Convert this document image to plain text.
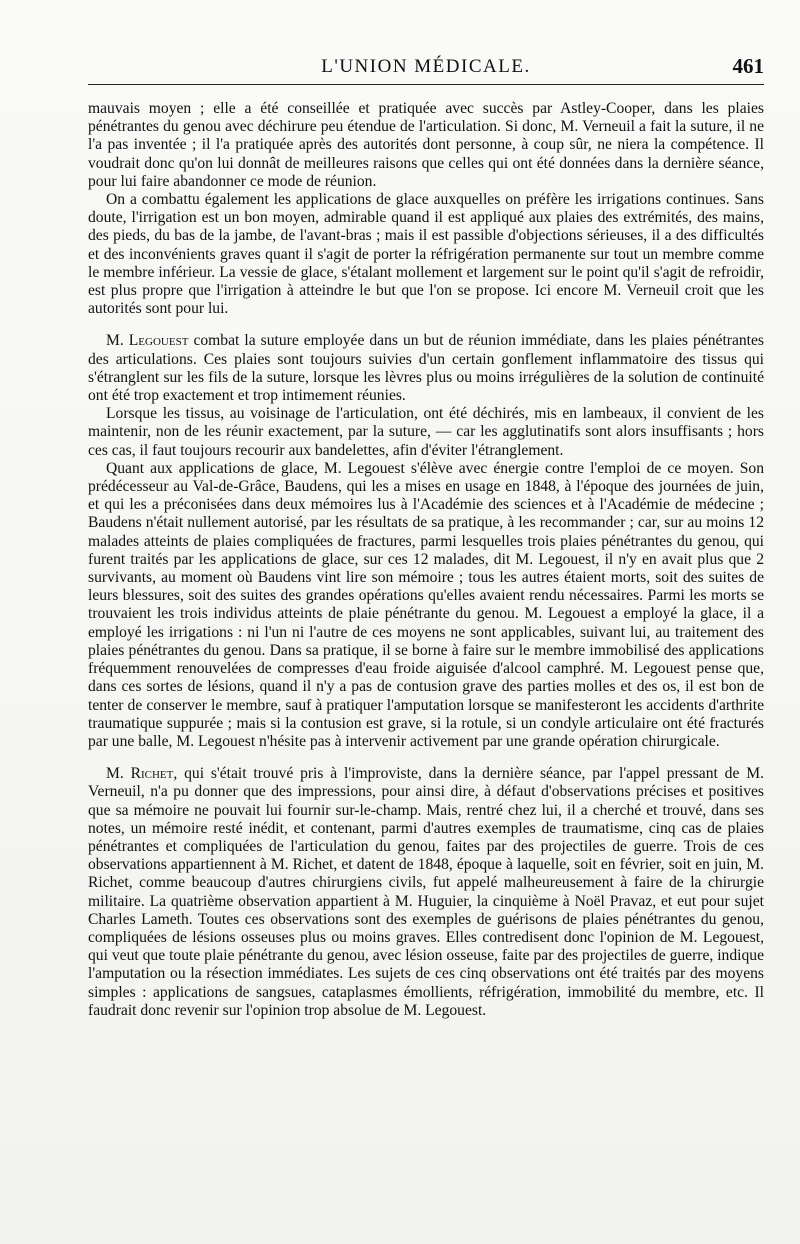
L'UNION MÉDICALE.	461

mauvais moyen ; elle a été conseillée et pratiquée avec succès par Astley-Cooper, dans les plaies pénétrantes du genou avec déchirure peu étendue de l'articulation. Si donc, M. Verneuil a fait la suture, il ne l'a pas inventée ; il l'a pratiquée après des autorités dont personne, à coup sûr, ne niera la compétence. Il voudrait donc qu'on lui donnât de meilleures raisons que celles qui ont été données dans la dernière séance, pour lui faire abandonner ce mode de réunion.

On a combattu également les applications de glace auxquelles on préfère les irrigations continues. Sans doute, l'irrigation est un bon moyen, admirable quand il est appliqué aux plaies des extrémités, des mains, des pieds, du bas de la jambe, de l'avant-bras ; mais il est passible d'objections sérieuses, il a des difficultés et des inconvénients graves quant il s'agit de porter la réfrigération permanente sur tout un membre comme le membre inférieur. La vessie de glace, s'étalant mollement et largement sur le point qu'il s'agit de refroidir, est plus propre que l'irrigation à atteindre le but que l'on se propose. Ici encore M. Verneuil croit que les autorités sont pour lui.

M. Legouest combat la suture employée dans un but de réunion immédiate, dans les plaies pénétrantes des articulations. Ces plaies sont toujours suivies d'un certain gonflement inflammatoire des tissus qui s'étranglent sur les fils de la suture, lorsque les lèvres plus ou moins irrégulières de la solution de continuité ont été trop exactement et trop intimement réunies.

Lorsque les tissus, au voisinage de l'articulation, ont été déchirés, mis en lambeaux, il convient de les maintenir, non de les réunir exactement, par la suture, — car les agglutinatifs sont alors insuffisants ; hors ces cas, il faut toujours recourir aux bandelettes, afin d'éviter l'étranglement.

Quant aux applications de glace, M. Legouest s'élève avec énergie contre l'emploi de ce moyen. Son prédécesseur au Val-de-Grâce, Baudens, qui les a mises en usage en 1848, à l'époque des journées de juin, et qui les a préconisées dans deux mémoires lus à l'Académie des sciences et à l'Académie de médecine ; Baudens n'était nullement autorisé, par les résultats de sa pratique, à les recommander ; car, sur au moins 12 malades atteints de plaies compliquées de fractures, parmi lesquelles trois plaies pénétrantes du genou, qui furent traités par les applications de glace, sur ces 12 malades, dit M. Legouest, il n'y en avait plus que 2 survivants, au moment où Baudens vint lire son mémoire ; tous les autres étaient morts, soit des suites de leurs blessures, soit des suites des grandes opérations qu'elles avaient rendu nécessaires. Parmi les morts se trouvaient les trois individus atteints de plaie pénétrante du genou. M. Legouest a employé la glace, il a employé les irrigations : ni l'un ni l'autre de ces moyens ne sont applicables, suivant lui, au traitement des plaies pénétrantes du genou. Dans sa pratique, il se borne à faire sur le membre immobilisé des applications fréquemment renouvelées de compresses d'eau froide aiguisée d'alcool camphré. M. Legouest pense que, dans ces sortes de lésions, quand il n'y a pas de contusion grave des parties molles et des os, il est bon de tenter de conserver le membre, sauf à pratiquer l'amputation lorsque se manifesteront les accidents d'arthrite traumatique suppurée ; mais si la contusion est grave, si la rotule, si un condyle articulaire ont été fracturés par une balle, M. Legouest n'hésite pas à intervenir activement par une grande opération chirurgicale.

M. Richet, qui s'était trouvé pris à l'improviste, dans la dernière séance, par l'appel pressant de M. Verneuil, n'a pu donner que des impressions, pour ainsi dire, à défaut d'observations précises et positives que sa mémoire ne pouvait lui fournir sur-le-champ. Mais, rentré chez lui, il a cherché et trouvé, dans ses notes, un mémoire resté inédit, et contenant, parmi d'autres exemples de traumatisme, cinq cas de plaies pénétrantes et compliquées de l'articulation du genou, faites par des projectiles de guerre. Trois de ces observations appartiennent à M. Richet, et datent de 1848, époque à laquelle, soit en février, soit en juin, M. Richet, comme beaucoup d'autres chirurgiens civils, fut appelé malheureusement à faire de la chirurgie militaire. La quatrième observation appartient à M. Huguier, la cinquième à Noël Pravaz, et eut pour sujet Charles Lameth. Toutes ces observations sont des exemples de guérisons de plaies pénétrantes du genou, compliquées de lésions osseuses plus ou moins graves. Elles contredisent donc l'opinion de M. Legouest, qui veut que toute plaie pénétrante du genou, avec lésion osseuse, faite par des projectiles de guerre, indique l'amputation ou la résection immédiates. Les sujets de ces cinq observations ont été traités par des moyens simples : applications de sangsues, cataplasmes émollients, réfrigération, immobilité du membre, etc. Il faudrait donc revenir sur l'opinion trop absolue de M. Legouest.
